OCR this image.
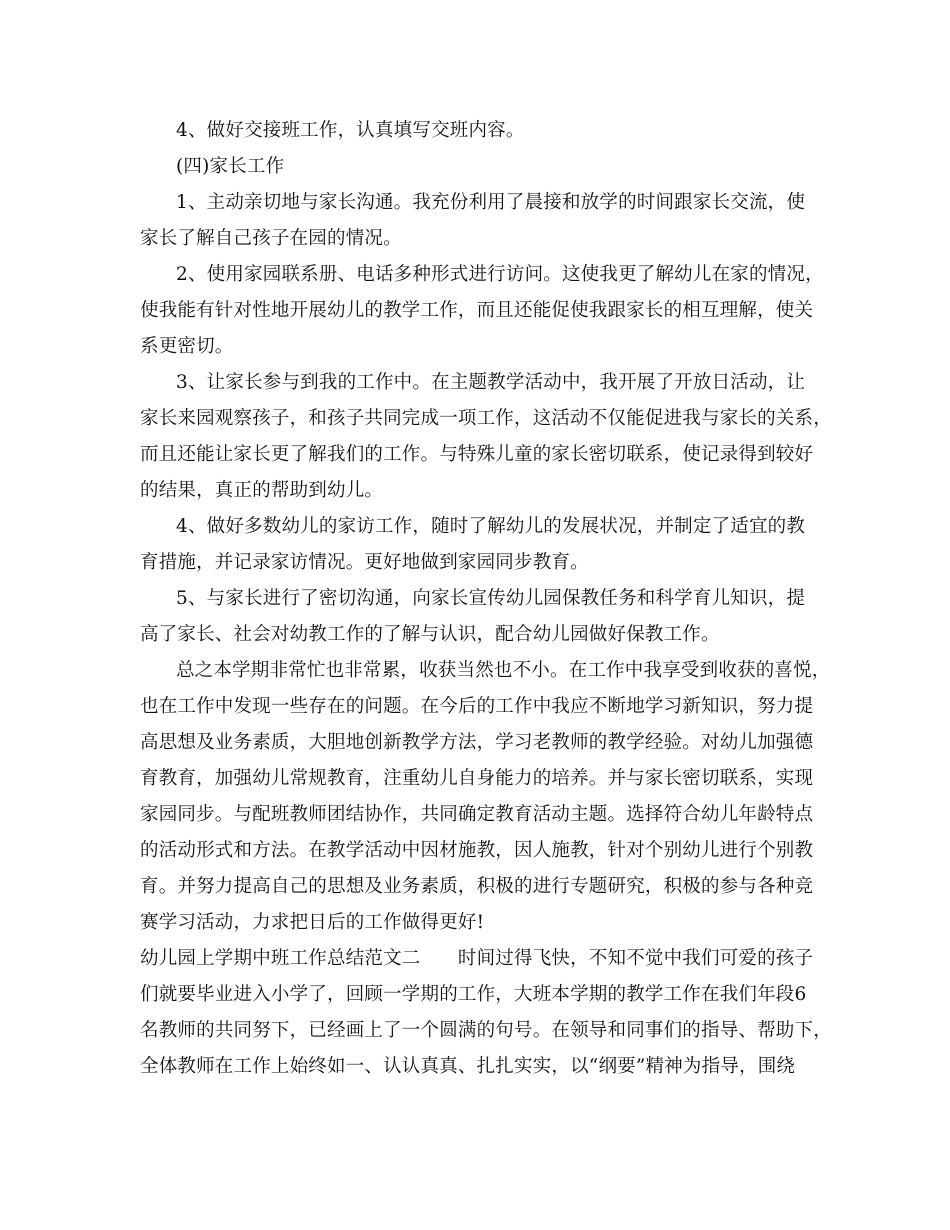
4、做好交接班工作，认真填写交班内容。
(四)家长工作
1、主动亲切地与家长沟通。我充份利用了晨接和放学的时间跟家长交流，使
家长了解自己孩子在园的情况。
2、使用家园联系册、电话多种形式进行访问。这使我更了解幼儿在家的情况，
使我能有针对性地开展幼儿的教学工作，而且还能促使我跟家长的相互理解，使关
系更密切。
3、让家长参与到我的工作中。在主题教学活动中，我开展了开放日活动，让
家长来园观察孩子，和孩子共同完成一项工作，这活动不仅能促进我与家长的关系，
而且还能让家长更了解我们的工作。与特殊儿童的家长密切联系，使记录得到较好
的结果，真正的帮助到幼儿。
4、做好多数幼儿的家访工作，随时了解幼儿的发展状况，并制定了适宜的教
育措施，并记录家访情况。更好地做到家园同步教育。
5、与家长进行了密切沟通，向家长宣传幼儿园保教任务和科学育儿知识，提
高了家长、社会对幼教工作的了解与认识，配合幼儿园做好保教工作。
总之本学期非常忙也非常累，收获当然也不小。在工作中我享受到收获的喜悦，
也在工作中发现一些存在的问题。在今后的工作中我应不断地学习新知识，努力提
高思想及业务素质，大胆地创新教学方法，学习老教师的教学经验。对幼儿加强德
育教育，加强幼儿常规教育，注重幼儿自身能力的培养。并与家长密切联系，实现
家园同步。与配班教师团结协作，共同确定教育活动主题。选择符合幼儿年龄特点
的活动形式和方法。在教学活动中因材施教，因人施教，针对个别幼儿进行个别教
育。并努力提高自己的思想及业务素质，积极的进行专题研究，积极的参与各种竞
赛学习活动，力求把日后的工作做得更好!
幼儿园上学期中班工作总结范文二　　时间过得飞快，不知不觉中我们可爱的孩子
们就要毕业进入小学了，回顾一学期的工作，大班本学期的教学工作在我们年段6
名教师的共同努下，已经画上了一个圆满的句号。在领导和同事们的指导、帮助下，
全体教师在工作上始终如一、认认真真、扎扎实实，以“纲要”精神为指导，围绕
